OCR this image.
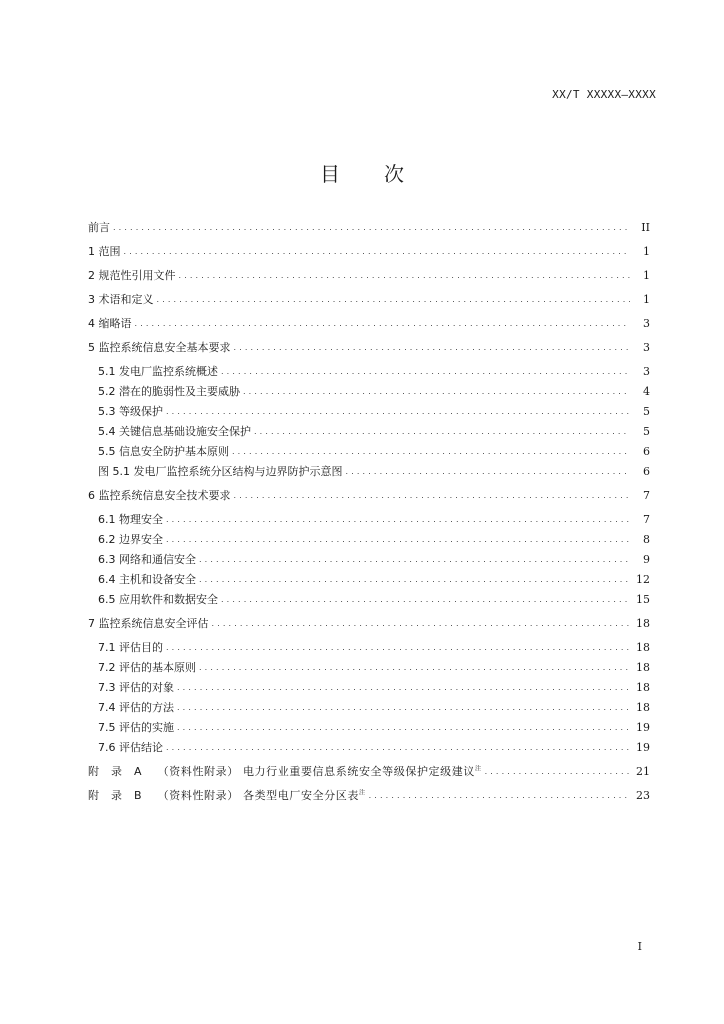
XX/T XXXXX—XXXX
目次
前言 . . .	II
1 范围 . . .	1
2 规范性引用文件 . . .	1
3 术语和定义 . . .	1
4 缩略语 . . .	3
5 监控系统信息安全基本要求 . . .	3
5.1 发电厂监控系统概述 . . .	3
5.2 潜在的脆弱性及主要威胁 . . .	4
5.3 等级保护 . . .	5
5.4 关键信息基础设施安全保护 . . .	5
5.5 信息安全防护基本原则 . . .	6
图 5.1 发电厂监控系统分区结构与边界防护示意图 . . .	6
6 监控系统信息安全技术要求 . . .	7
6.1 物理安全 . . .	7
6.2 边界安全 . . .	8
6.3 网络和通信安全 . . .	9
6.4 主机和设备安全 . . .	12
6.5 应用软件和数据安全 . . .	15
7 监控系统信息安全评估 . . .	18
7.1 评估目的 . . .	18
7.2 评估的基本原则 . . .	18
7.3 评估的对象 . . .	18
7.4 评估的方法 . . .	18
7.5 评估的实施 . . .	19
7.6 评估结论 . . .	19
附录A （资料性附录） 电力行业重要信息系统安全等级保护定级建议$^注$ . . .	21
附录B （资料性附录） 各类型电厂安全分区表$^注$ . . .	23
I
